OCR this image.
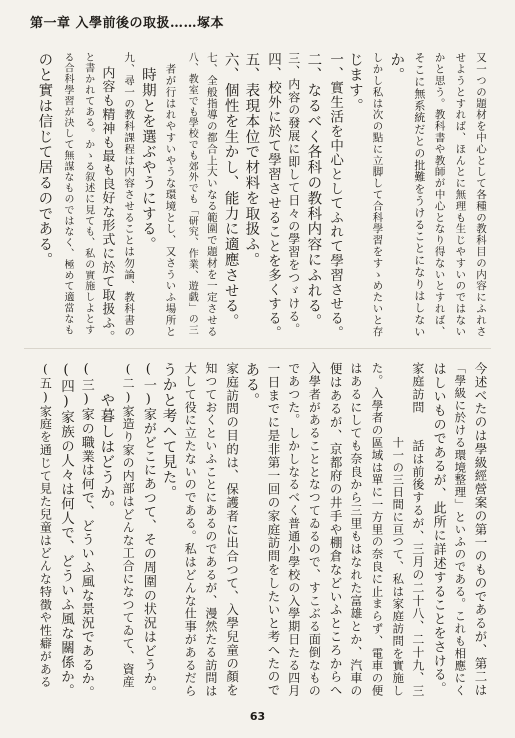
第一章 入學前後の取扱……塚本
又一つの題材を中心として各種の教科目の内容にふれさ
せようとすれば、ほんとに無理も生じやすいのではない
かと思う。教科書や教師が中心となり得ないとすれば、
そこに無系統だとの批難をうけることになりはしない
か。
しかし私は次の點に立脚して合科學習をすゝめたいと存
じます。
一、實生活を中心としてふれて學習させる。
二、なるべく各科の教科内容にふれる。
三、内容の發展に即して日々の學習をつゞける。
四、校外に於て學習させることを多くする。
五、表現本位で材料を取扱ふ。
六、個性を生かし、能力に適應させる。
七、全般指導の都合上大いなる範圍で題材を一定させる
八、教室でも學校でも郊外でも「研究、作業、遊戯」の三
　者が行はれやすいやうな環境とし、又さういふ場所と
　時期とを選ぶやうにする。
九、尋一の教科課程は内容させることは勿論、教科書の
　内容も精神も最も良好な形式に於て取扱ふ。
と書かれてある。かゝる叙述に見ても、私の實施しよとす
る合科學習が決して無謀なものではなく、極めて適當なも
のと實は信じて居るのである。
今述べたのは學級經營案の第一のものであるが、第二は
「學級に於ける環境整理」といふのである。これも相應にく
はしいものであるが、此所に詳述することをさける。
家庭訪問　　話は前後するが、三月の二十八、二十九、三
　　　　　　十一の三日間に亘つて、私は家庭訪問を實施し
た。入學者の區域は單に一方里の奈良に止まらず、電車の便
はあるにしても奈良から三里もはなれた富雄とか、汽車の
便はあるが、京都府の井手や棚倉などいふところからへ
入學者があることとなつてゐるので、すこぶる面倒なもの
であつた。しかしなるべく普通小學校の入學期日たる四月
一日までに是非第一回の家庭訪問をしたいと考へたので
ある。
家庭訪問の目的は、保護者に出合つて、入學兒童の顏を
知つておくといふことにあるのであるが、漫然たる訪問は
大して役に立たないのである。私はどんな仕事があるだら
うかと考へて見た。
(一)家がどこにあつて、その周圍の状況はどうか。
(二)家造り家の内部はどんな工合になつてゐて、資産
　　や暮しはどうか。
(三)家の職業は何で、どういふ風な景況であるか。
(四)家族の人々は何人で、どういふ風な關係か。
(五)家庭を通じて見た兒童はどんな特徴や性癖がある
63
